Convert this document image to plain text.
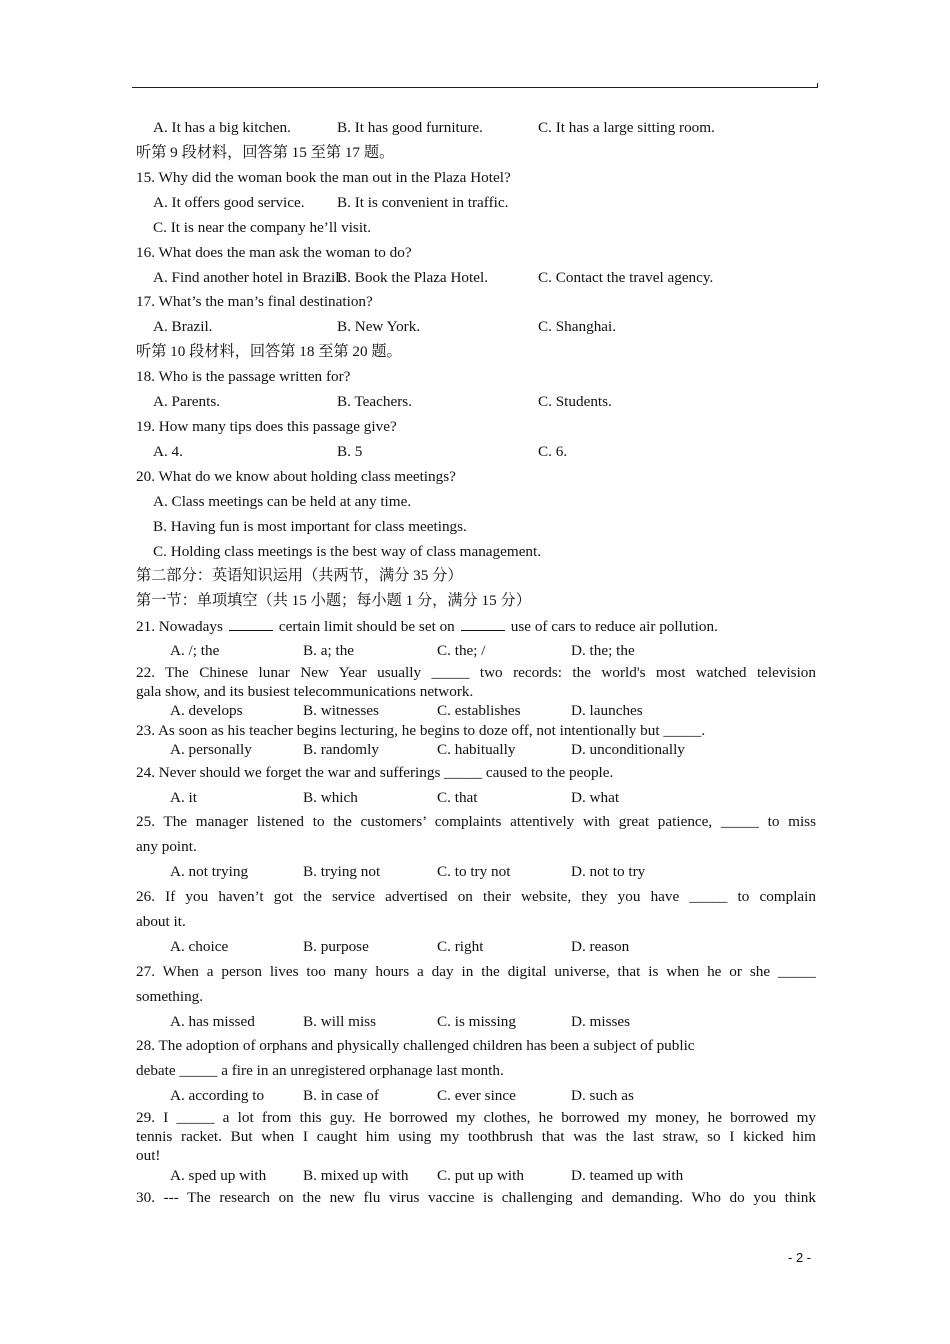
A. It has a big kitchen.	B. It has good furniture.	C. It has a large sitting room.
听第 9 段材料，回答第 15 至第 17 题。
15. Why did the woman book the man out in the Plaza Hotel?
A. It offers good service. B. It is convenient in traffic.
C. It is near the company he’ll visit.
16. What does the man ask the woman to do?
A. Find another hotel in Brazil.
B. Book the Plaza Hotel.	C. Contact the travel agency.
17. What’s the man’s final destination?
A. Brazil.	B. New York.	C. Shanghai.
听第 10 段材料，回答第 18 至第 20 题。
18. Who is the passage written for?
A. Parents.	B. Teachers.	C. Students.
19. How many tips does this passage give?
A. 4.	B. 5	C. 6.
20. What do we know about holding class meetings?
A. Class meetings can be held at any time.
B. Having fun is most important for class meetings.
C. Holding class meetings is the best way of class management.
第二部分：英语知识运用（共两节，满分 35 分）
第一节：单项填空（共 15 小题；每小题 1 分，满分 15 分）
21. Nowadays	certain limit should be set on	use of cars to reduce air pollution.
A. /; the	B. a; the	C. the; /	D. the; the
22. The Chinese lunar New Year usually _____ two records: the world's most watched television
gala show, and its busiest telecommunications network.
A. develops	B. witnesses	C. establishes	D. launches
23. As soon as his teacher begins lecturing, he begins to doze off, not intentionally but _____.
A. personally	B. randomly	C. habitually	D. unconditionally
24. Never should we forget the war and sufferings _____ caused to the people.
A. it	B. which	C. that	D. what
25. The manager listened to the customers’ complaints attentively with great patience, _____ to miss
any point.
A. not trying	B. trying not	C. to try not	D. not to try
26. If you haven’t got the service advertised on their website, they you have _____ to complain
about it.
A. choice	B. purpose	C. right	D. reason
27. When a person lives too many hours a day in the digital universe, that is when he or she _____
something.
A. has missed	B. will miss	C. is missing	D. misses
28. The adoption of orphans and physically challenged children has been a subject of public
debate _____ a fire in an unregistered orphanage last month.
A. according to	B. in case of	C. ever since	D. such as
29. I _____ a lot from this guy. He borrowed my clothes, he borrowed my money, he borrowed my
tennis racket. But when I caught him using my toothbrush that was the last straw, so I kicked him
out!
A. sped up with B. mixed up with C. put up with	D. teamed up with
30. --- The research on the new flu virus vaccine is challenging and demanding. Who do you think
- 2 -
